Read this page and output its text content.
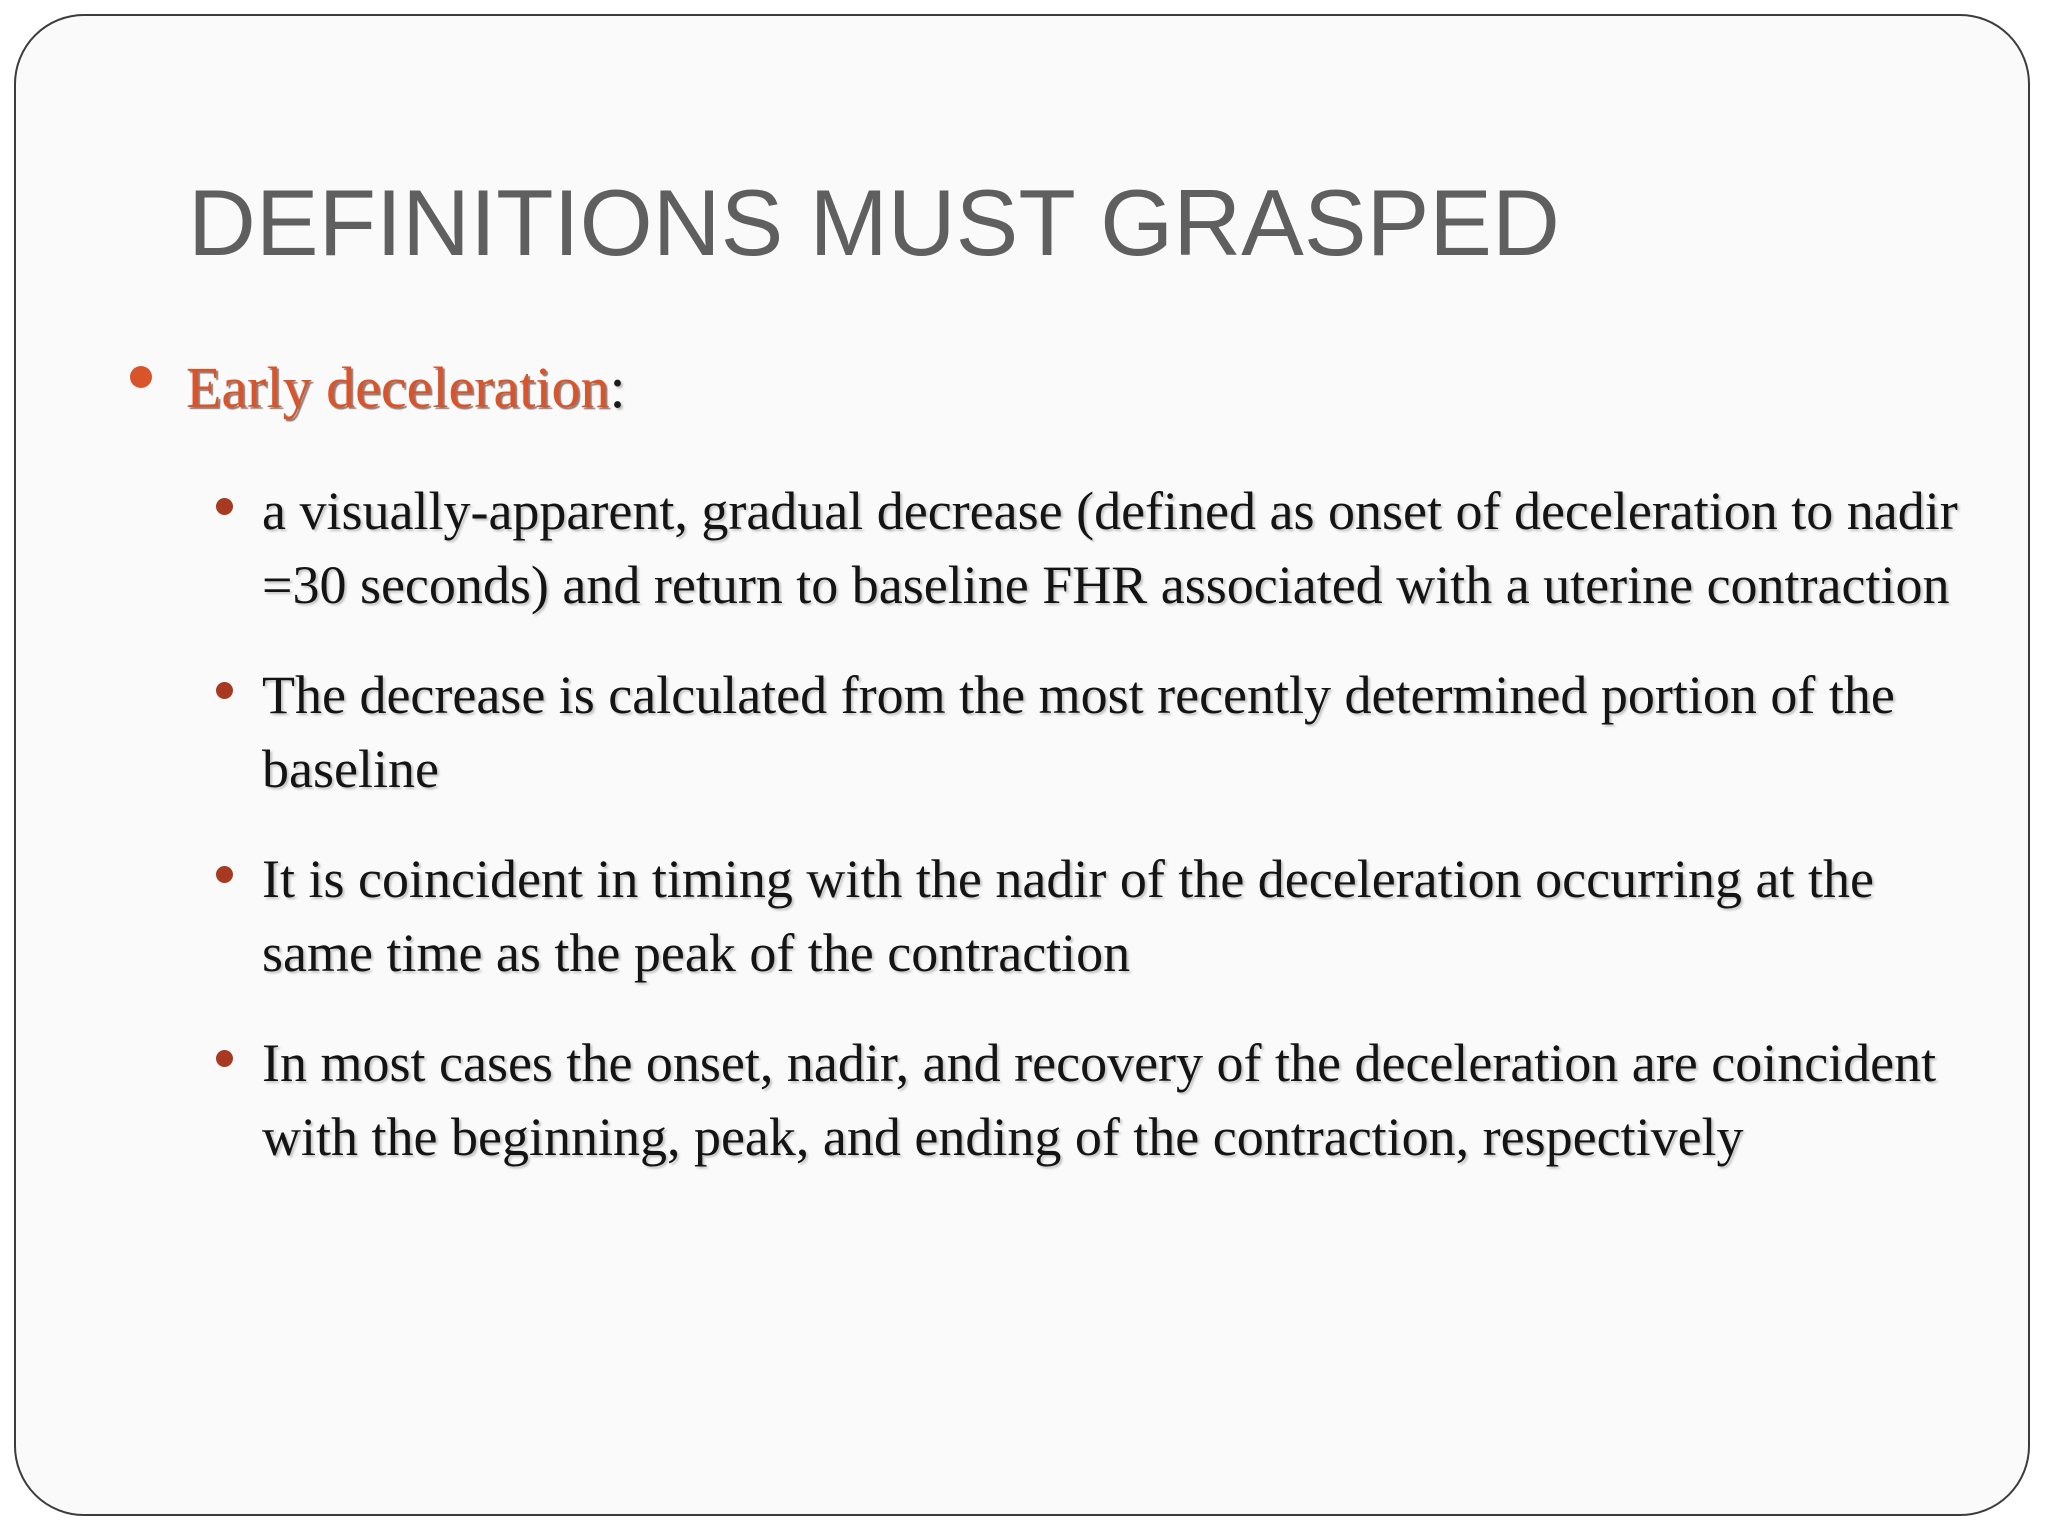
DEFINITIONS MUST GRASPED
Early deceleration:
a visually-apparent, gradual decrease (defined as onset of deceleration to nadir =30 seconds) and return to baseline FHR associated with a uterine contraction
The decrease is calculated from the most recently determined portion of the baseline
It is coincident in timing with the nadir of the deceleration occurring at the same time as the peak of the contraction
In most cases the onset, nadir, and recovery of the deceleration are coincident with the beginning, peak, and ending of the contraction, respectively
